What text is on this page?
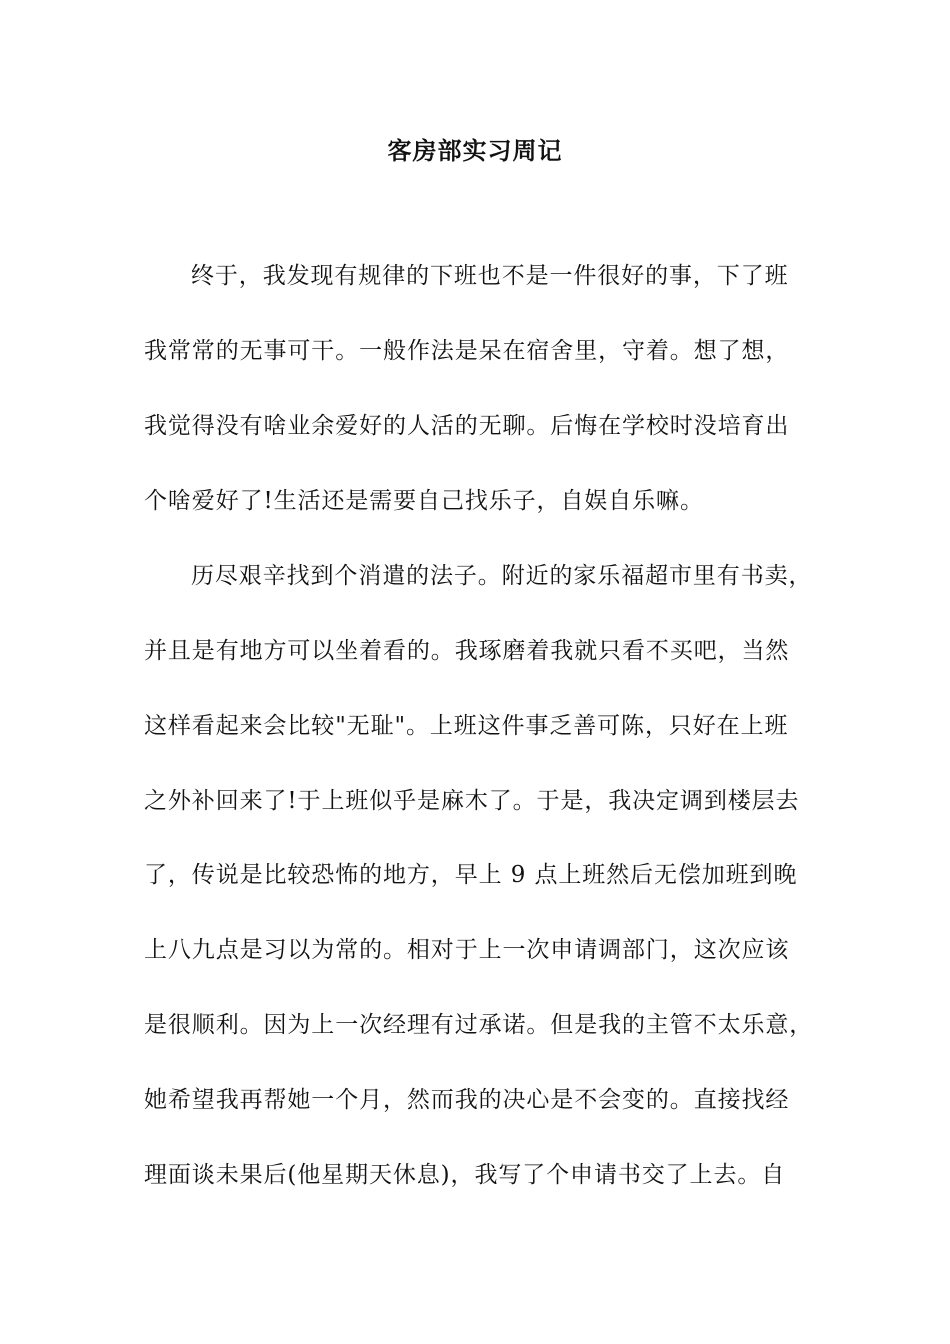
客房部实习周记
终于，我发现有规律的下班也不是一件很好的事，下了班
我常常的无事可干。一般作法是呆在宿舍里，守着。想了想，
我觉得没有啥业余爱好的人活的无聊。后悔在学校时没培育出
个啥爱好了!生活还是需要自己找乐子，自娱自乐嘛。
历尽艰辛找到个消遣的法子。附近的家乐福超市里有书卖，
并且是有地方可以坐着看的。我琢磨着我就只看不买吧，当然
这样看起来会比较"无耻"。上班这件事乏善可陈，只好在上班
之外补回来了!于上班似乎是麻木了。于是，我决定调到楼层去
了，传说是比较恐怖的地方，早上 9 点上班然后无偿加班到晚
上八九点是习以为常的。相对于上一次申请调部门，这次应该
是很顺利。因为上一次经理有过承诺。但是我的主管不太乐意，
她希望我再帮她一个月，然而我的决心是不会变的。直接找经
理面谈未果后(他星期天休息)，我写了个申请书交了上去。自
